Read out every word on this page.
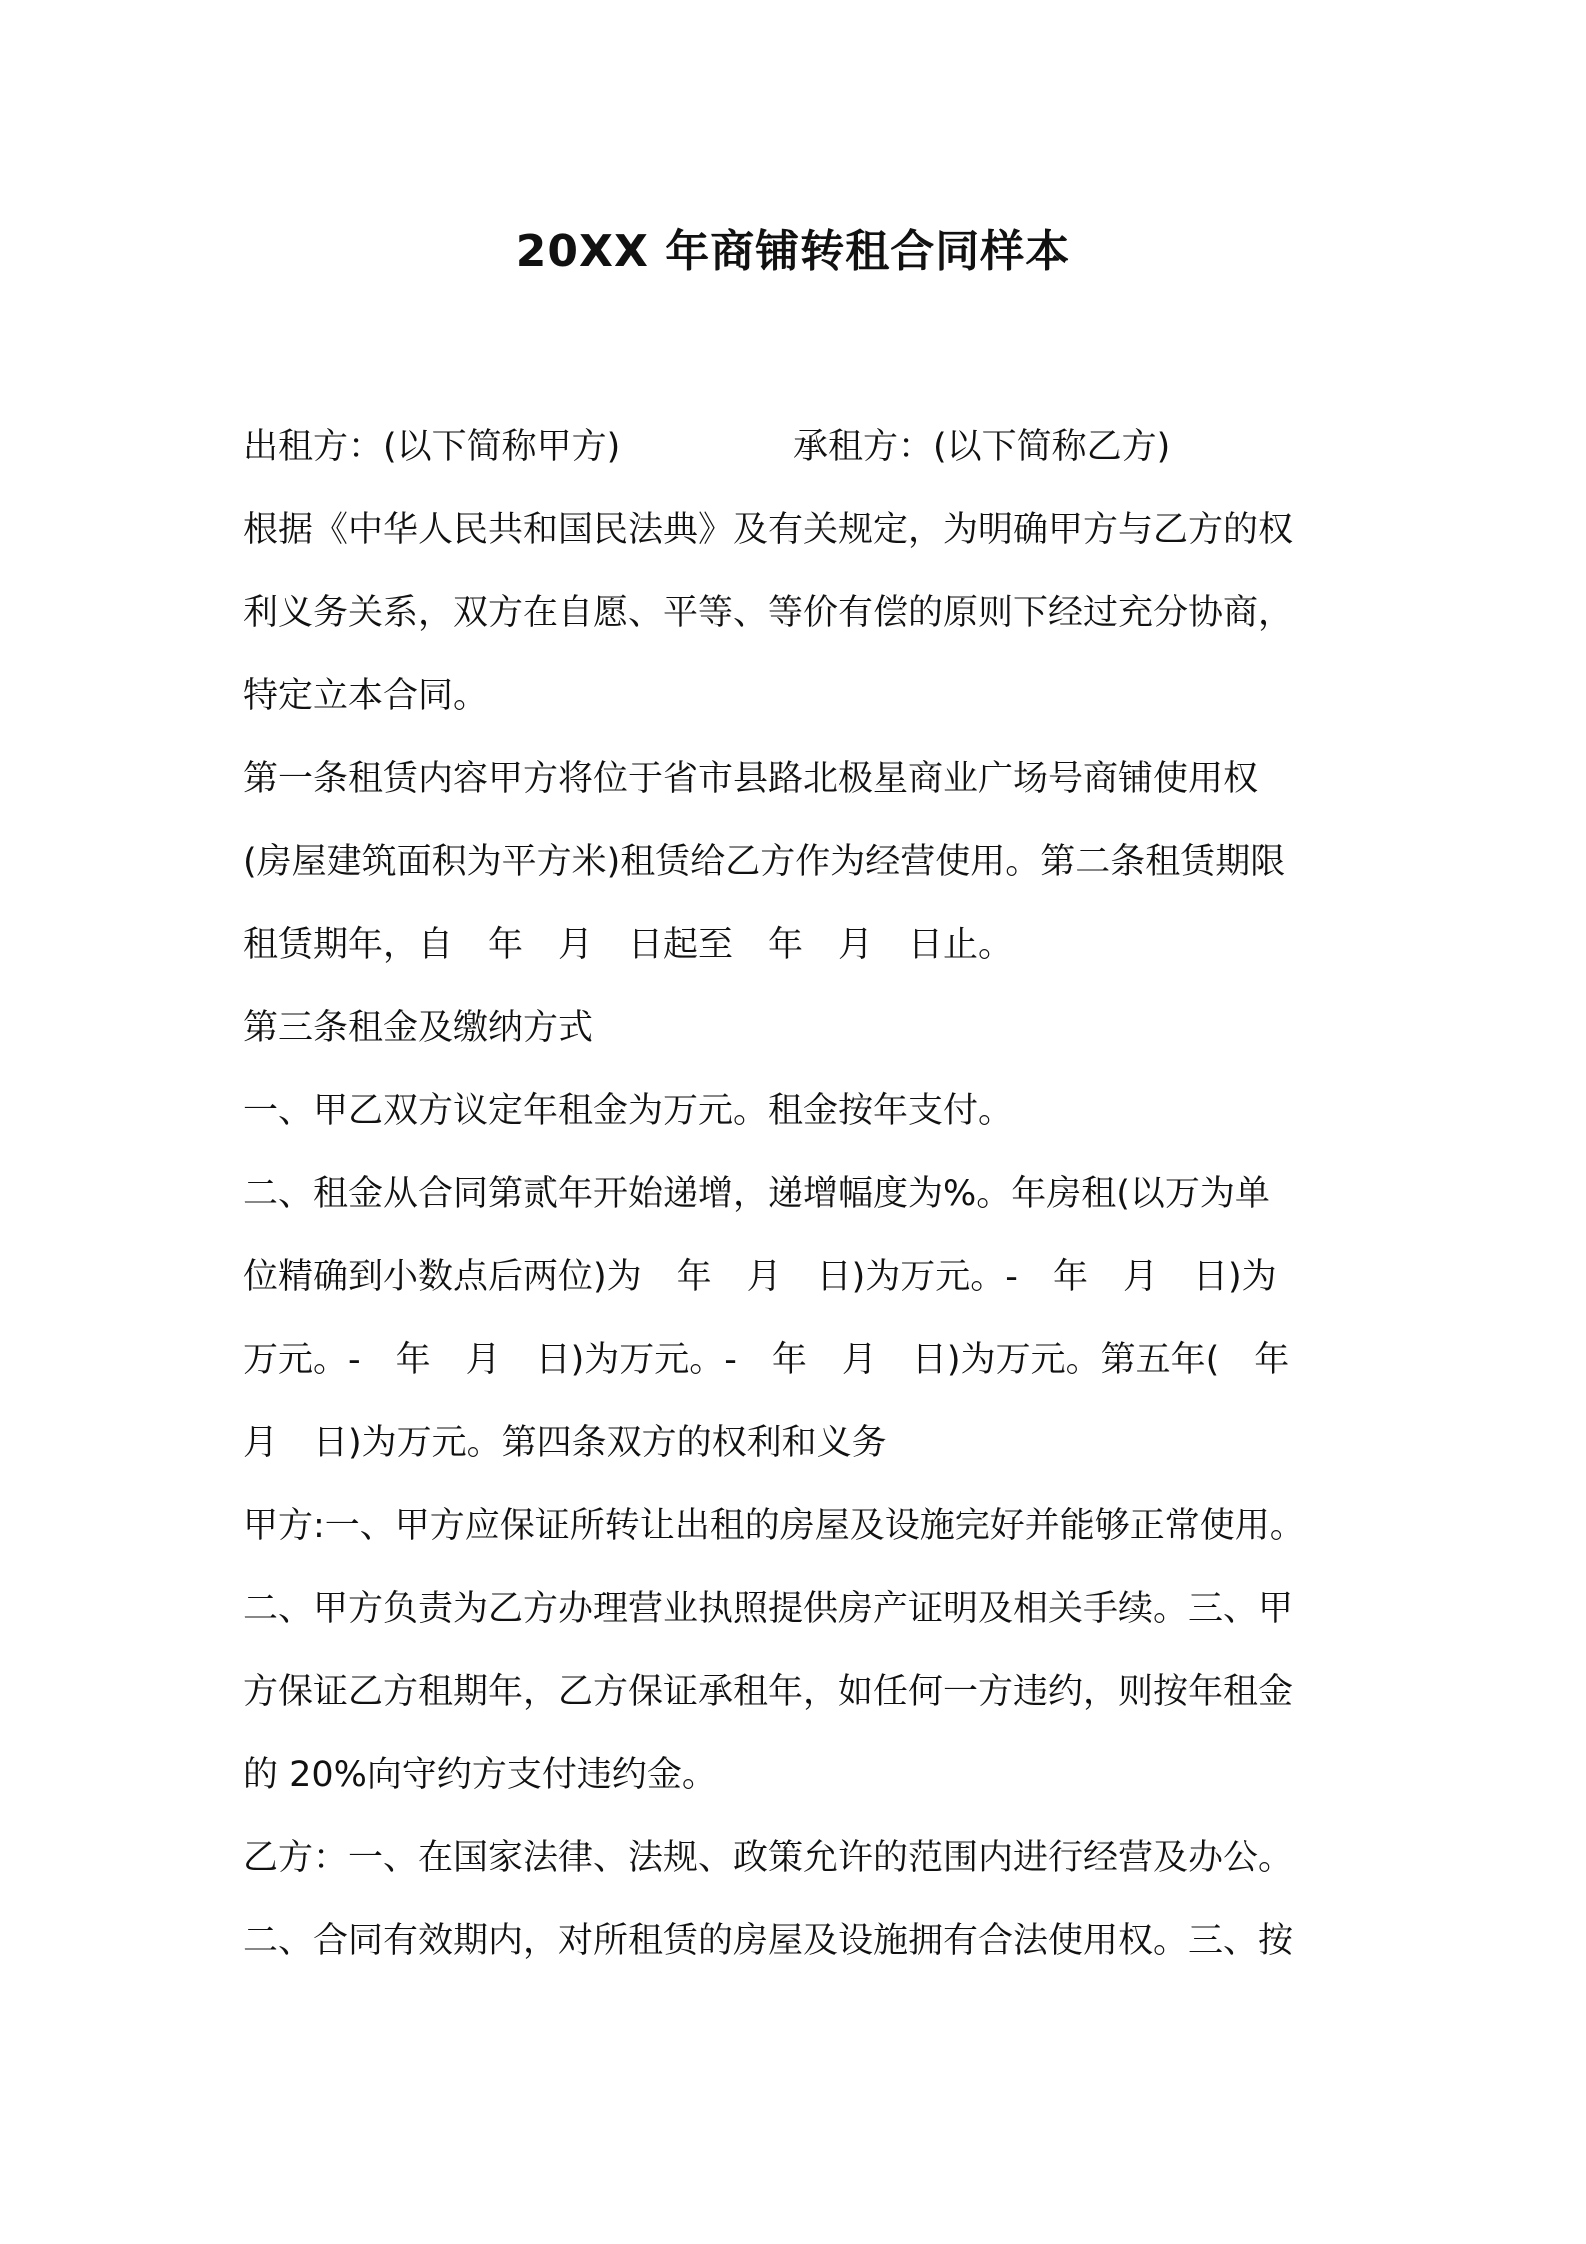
20XX 年商铺转租合同样本
出租方：(以下简称甲方)	承租方：(以下简称乙方)
根据《中华人民共和国民法典》及有关规定，为明确甲方与乙方的权
利义务关系，双方在自愿、平等、等价有偿的原则下经过充分协商，
特定立本合同。
第一条租赁内容甲方将位于省市县路北极星商业广场号商铺使用权
(房屋建筑面积为平方米)租赁给乙方作为经营使用。第二条租赁期限
租赁期年，自　年　月　日起至　年　月　日止。
第三条租金及缴纳方式
一、甲乙双方议定年租金为万元。租金按年支付。
二、租金从合同第贰年开始递增，递增幅度为%。年房租(以万为单
位精确到小数点后两位)为　年　月　日)为万元。-　年　月　日)为
万元。-　年　月　日)为万元。-　年　月　日)为万元。第五年(　年
月　日)为万元。第四条双方的权利和义务
甲方:一、甲方应保证所转让出租的房屋及设施完好并能够正常使用。
二、甲方负责为乙方办理营业执照提供房产证明及相关手续。三、甲
方保证乙方租期年，乙方保证承租年，如任何一方违约，则按年租金
的 20%向守约方支付违约金。
乙方：一、在国家法律、法规、政策允许的范围内进行经营及办公。
二、合同有效期内，对所租赁的房屋及设施拥有合法使用权。三、按
